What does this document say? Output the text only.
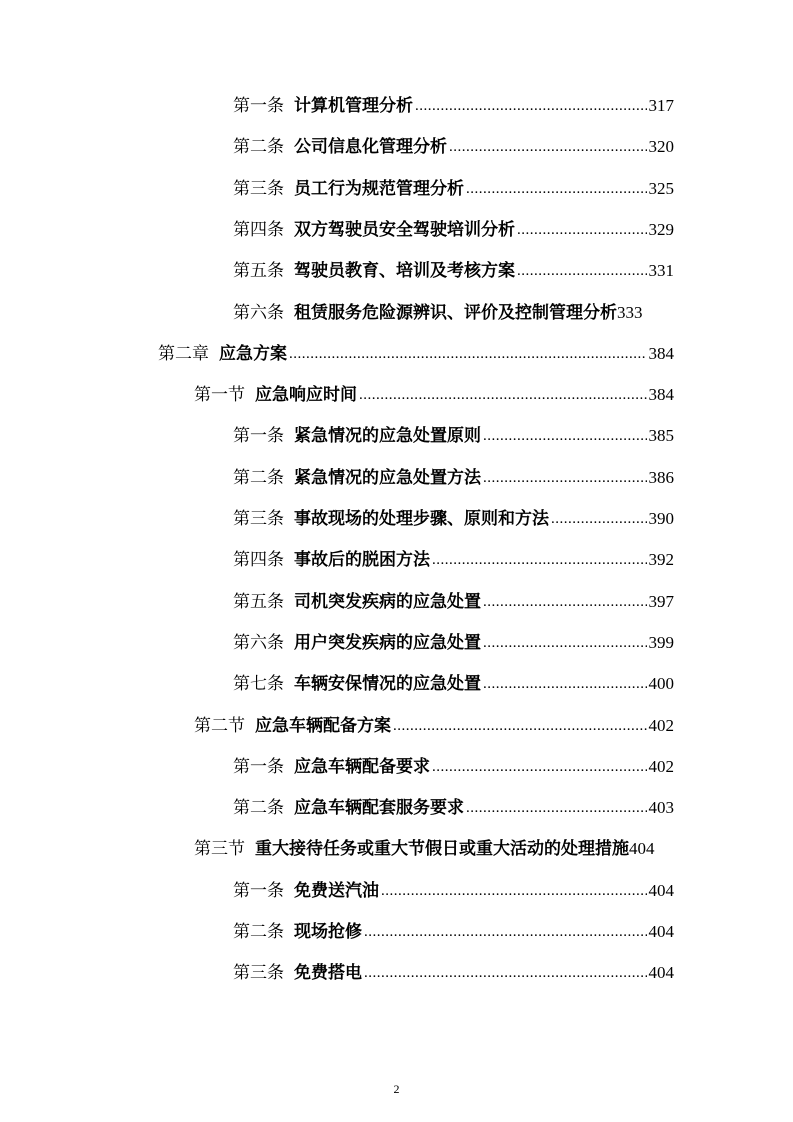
第一条 计算机管理分析 .....	317
第二条 公司信息化管理分析 .....	320
第三条 员工行为规范管理分析 .....	325
第四条 双方驾驶员安全驾驶培训分析 .....	329
第五条 驾驶员教育、培训及考核方案 .....	331
第六条 租赁服务危险源辨识、评价及控制管理分析 333
第二章 应急方案 .....	384
第一节 应急响应时间 .....	384
第一条 紧急情况的应急处置原则 .....	385
第二条 紧急情况的应急处置方法 .....	386
第三条 事故现场的处理步骤、原则和方法 .....	390
第四条 事故后的脱困方法 .....	392
第五条 司机突发疾病的应急处置 .....	397
第六条 用户突发疾病的应急处置 .....	399
第七条 车辆安保情况的应急处置 .....	400
第二节 应急车辆配备方案 .....	402
第一条 应急车辆配备要求 .....	402
第二条 应急车辆配套服务要求 .....	403
第三节 重大接待任务或重大节假日或重大活动的处理措施 404
第一条 免费送汽油 .....	404
第二条 现场抢修 .....	404
第三条 免费搭电 .....	404
2
